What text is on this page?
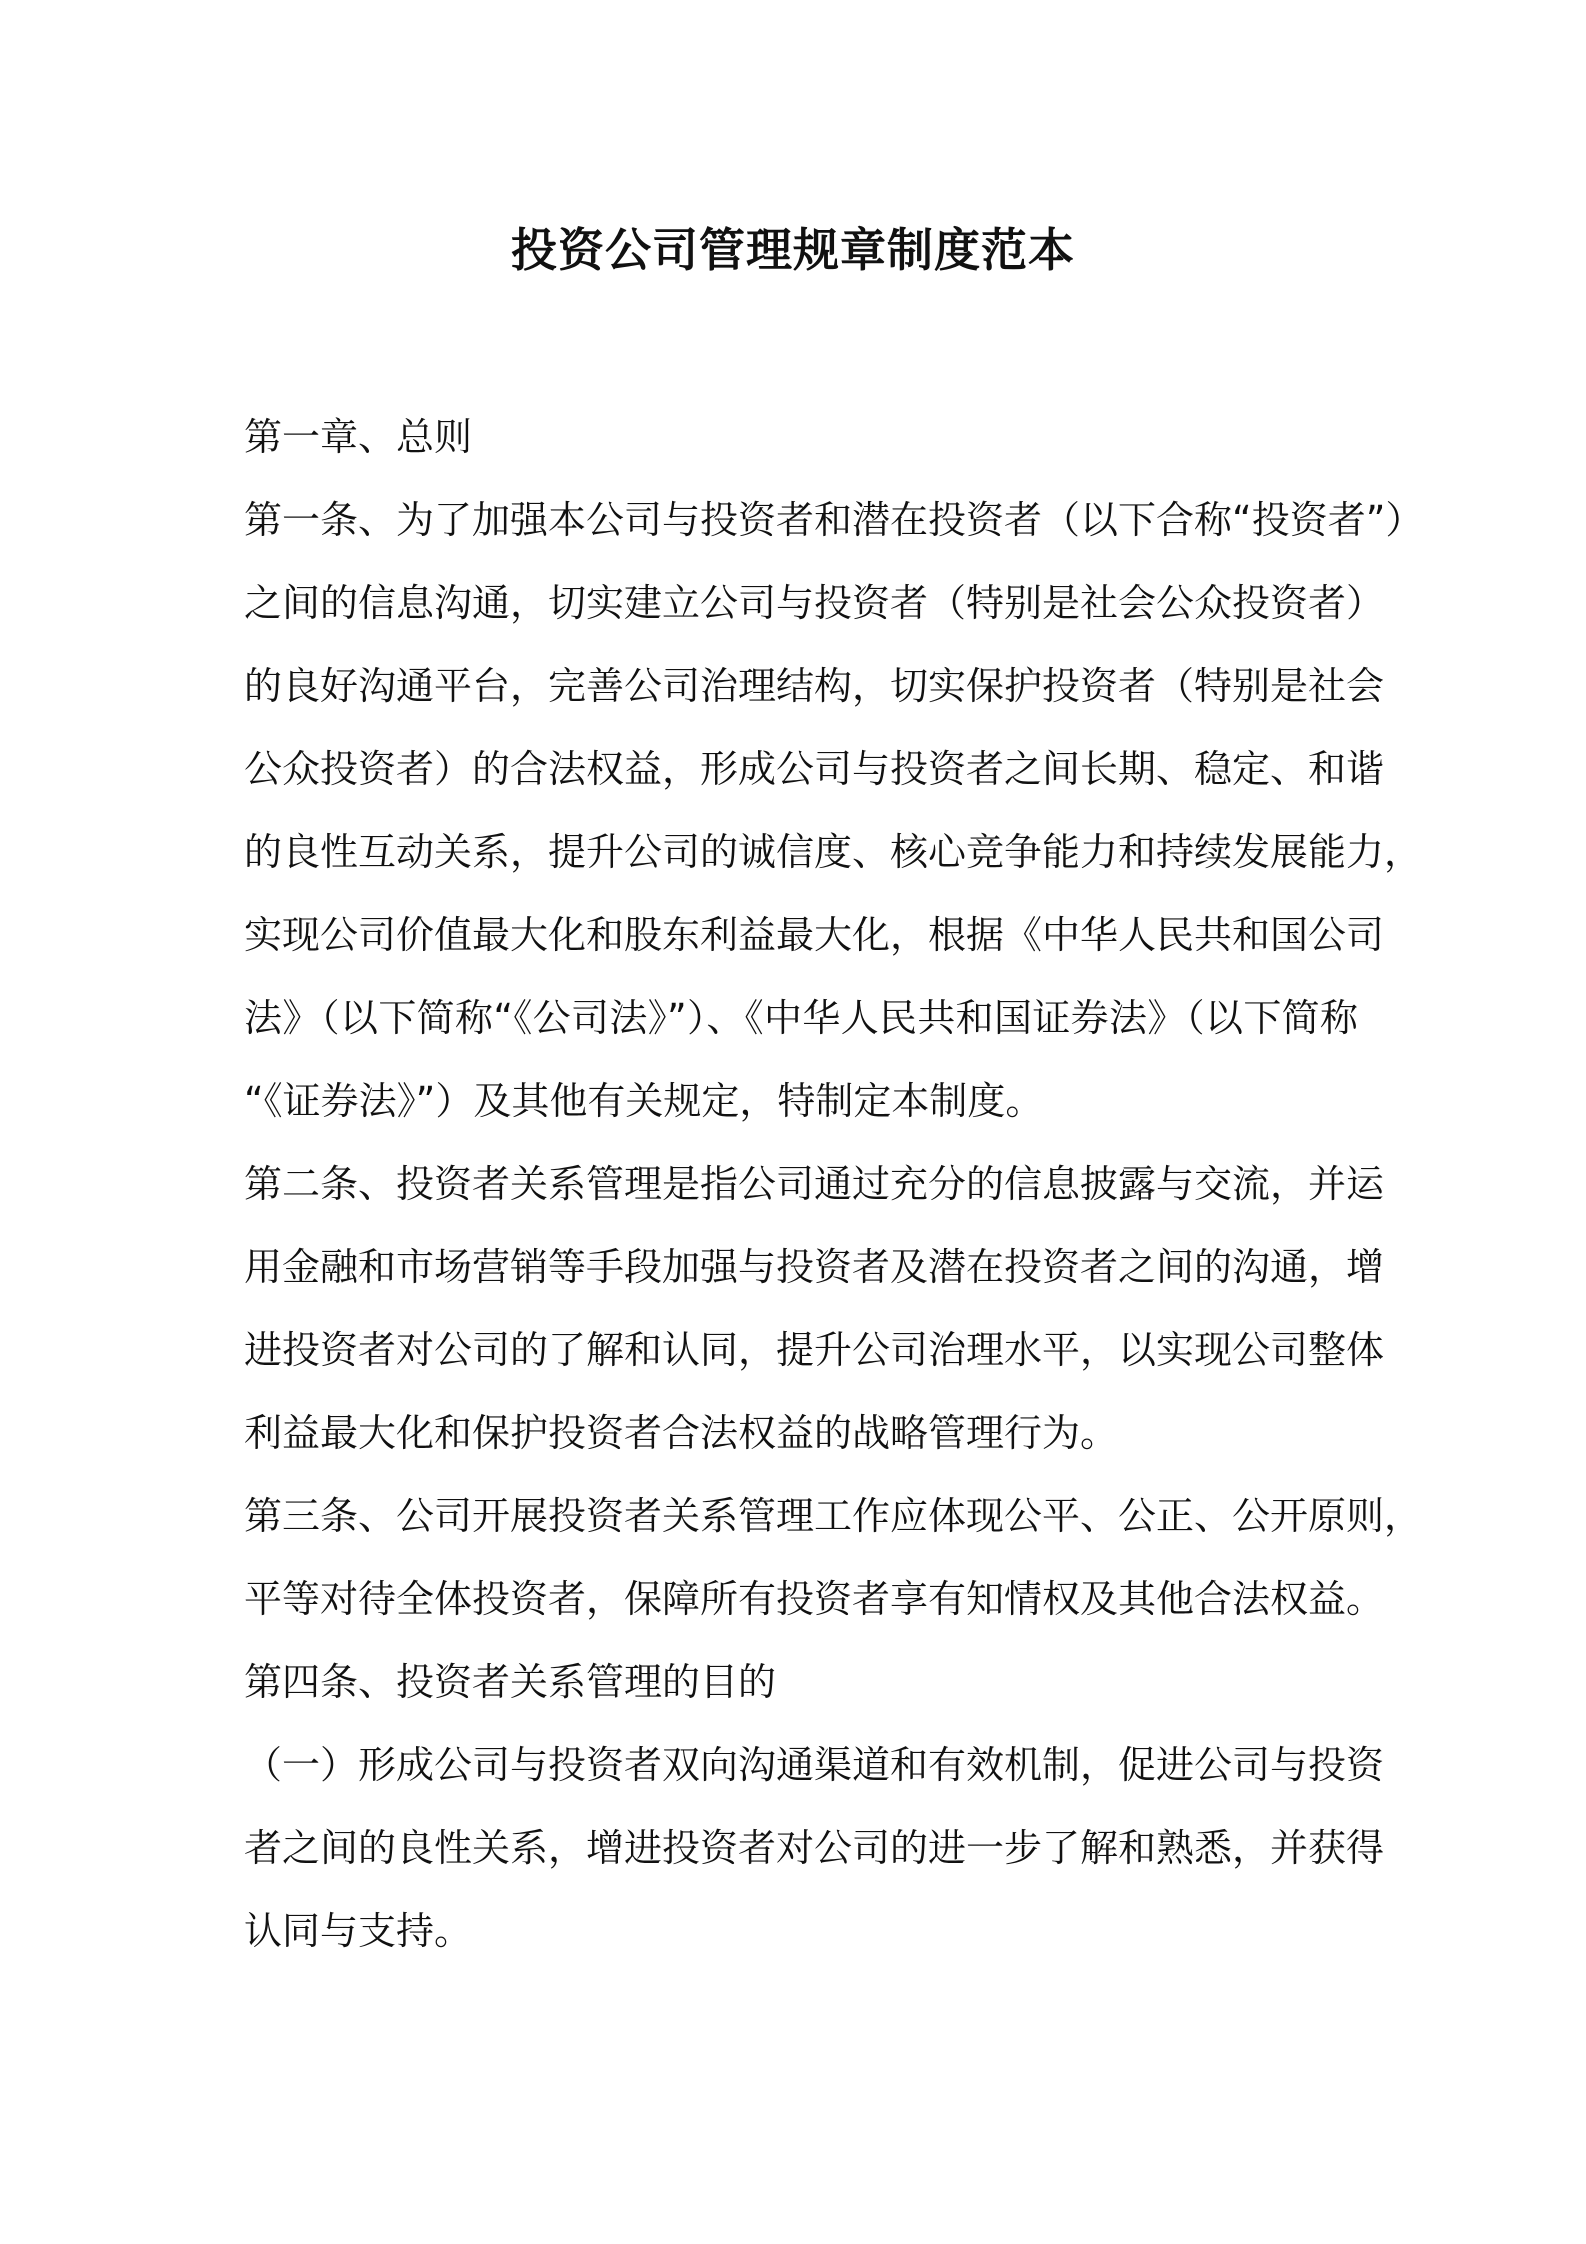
投资公司管理规章制度范本

第一章、总则

第一条、为了加强本公司与投资者和潜在投资者（以下合称“投资者”）

之间的信息沟通，切实建立公司与投资者（特别是社会公众投资者）

的良好沟通平台，完善公司治理结构，切实保护投资者（特别是社会

公众投资者）的合法权益，形成公司与投资者之间长期、稳定、和谐

的良性互动关系，提升公司的诚信度、核心竞争能力和持续发展能力，

实现公司价值最大化和股东利益最大化，根据《中华人民共和国公司

法》（以下简称“《公司法》”）、《中华人民共和国证券法》（以下简称

“《证券法》”）及其他有关规定，特制定本制度。

第二条、投资者关系管理是指公司通过充分的信息披露与交流，并运

用金融和市场营销等手段加强与投资者及潜在投资者之间的沟通，增

进投资者对公司的了解和认同，提升公司治理水平，以实现公司整体

利益最大化和保护投资者合法权益的战略管理行为。

第三条、公司开展投资者关系管理工作应体现公平、公正、公开原则，

平等对待全体投资者，保障所有投资者享有知情权及其他合法权益。

第四条、投资者关系管理的目的

（一）形成公司与投资者双向沟通渠道和有效机制，促进公司与投资

者之间的良性关系，增进投资者对公司的进一步了解和熟悉，并获得

认同与支持。
